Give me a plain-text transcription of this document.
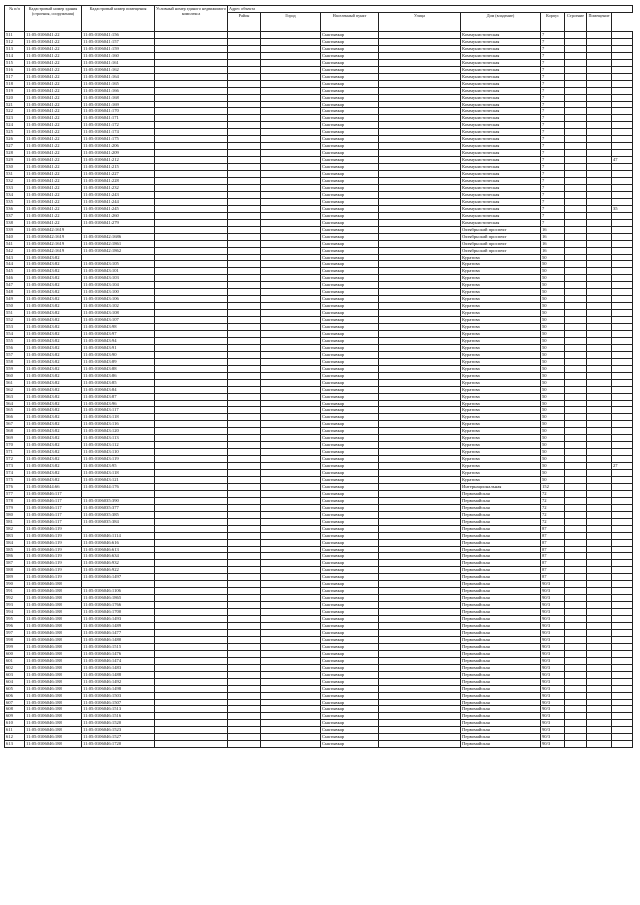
№ п/п	Кадастровый номер здания (строения, сооружения)	Кадастровый номер помещения	Условный номер единого недвижимого комплекса	Адрес объекта								
				Район	Город	Населенный пункт	Улица	Дом (владение)	Корпус	Строение	Помещение	
511	11:05:0106041:22	11:05:0106041:156				Сыктывкар		Коммунистическая	7			
512	11:05:0106041:22	11:05:0106041:157				Сыктывкар		Коммунистическая	7			
513	11:05:0106041:22	11:05:0106041:159				Сыктывкар		Коммунистическая	7			
514	11:05:0106041:22	11:05:0106041:160				Сыктывкар		Коммунистическая	7			
515	11:05:0106041:22	11:05:0106041:161				Сыктывкар		Коммунистическая	7			
516	11:05:0106041:22	11:05:0106041:162				Сыктывкар		Коммунистическая	7			
517	11:05:0106041:22	11:05:0106041:164				Сыктывкар		Коммунистическая	7			
518	11:05:0106041:22	11:05:0106041:165				Сыктывкар		Коммунистическая	7			
519	11:05:0106041:22	11:05:0106041:166				Сыктывкар		Коммунистическая	7			
520	11:05:0106041:22	11:05:0106041:168				Сыктывкар		Коммунистическая	7			
521	11:05:0106041:22	11:05:0106041:169				Сыктывкар		Коммунистическая	7			
522	11:05:0106041:22	11:05:0106041:170				Сыктывкар		Коммунистическая	7			
523	11:05:0106041:22	11:05:0106041:171				Сыктывкар		Коммунистическая	7			
524	11:05:0106041:22	11:05:0106041:172				Сыктывкар		Коммунистическая	7			
525	11:05:0106041:22	11:05:0106041:174				Сыктывкар		Коммунистическая	7			
526	11:05:0106041:22	11:05:0106041:175				Сыктывкар		Коммунистическая	7			
527	11:05:0106041:22	11:05:0106041:206				Сыктывкар		Коммунистическая	7			
528	11:05:0106041:22	11:05:0106041:209				Сыктывкар		Коммунистическая	7			
529	11:05:0106041:22	11:05:0106041:212				Сыктывкар		Коммунистическая	7			47
530	11:05:0106041:22	11:05:0106041:215				Сыктывкар		Коммунистическая	7			
531	11:05:0106041:22	11:05:0106041:227				Сыктывкар		Коммунистическая	7			
532	11:05:0106041:22	11:05:0106041:228				Сыктывкар		Коммунистическая	7			
533	11:05:0106041:22	11:05:0106041:232				Сыктывкар		Коммунистическая	7			
534	11:05:0106041:22	11:05:0106041:243				Сыктывкар		Коммунистическая	7			
535	11:05:0106041:22	11:05:0106041:244				Сыктывкар		Коммунистическая	7			
536	11:05:0106041:22	11:05:0106041:245				Сыктывкар		Коммунистическая	7			35
537	11:05:0106041:22	11:05:0106041:260				Сыктывкар		Коммунистическая	7			
538	11:05:0106041:22	11:05:0106041:279				Сыктывкар		Коммунистическая	7			
539	11:05:0106042:1619					Сыктывкар		Октябрьский проспект	16			
540	11:05:0106042:1619	11:05:0106042:1686				Сыктывкар		Октябрьский проспект	16			
541	11:05:0106042:1619	11:05:0106042:1861				Сыктывкар		Октябрьский проспект	16			
542	11:05:0106042:1619	11:05:0106042:1862				Сыктывкар		Октябрьский проспект	16			
543	11:05:0106043:82					Сыктывкар		Куратова	50			
544	11:05:0106043:82	11:05:0106043:105				Сыктывкар		Куратова	50			
545	11:05:0106043:82	11:05:0106043:101				Сыктывкар		Куратова	50			
546	11:05:0106043:82	11:05:0106043:103				Сыктывкар		Куратова	50			
547	11:05:0106043:82	11:05:0106043:104				Сыктывкар		Куратова	50			
548	11:05:0106043:82	11:05:0106043:100				Сыктывкар		Куратова	50			
549	11:05:0106043:82	11:05:0106043:106				Сыктывкар		Куратова	50			
550	11:05:0106043:82	11:05:0106043:102				Сыктывкар		Куратова	50			
551	11:05:0106043:82	11:05:0106043:108				Сыктывкар		Куратова	50			
552	11:05:0106043:82	11:05:0106043:107				Сыктывкар		Куратова	50			
553	11:05:0106043:82	11:05:0106043:98				Сыктывкар		Куратова	50			
554	11:05:0106043:82	11:05:0106043:97				Сыктывкар		Куратова	50			
555	11:05:0106043:82	11:05:0106043:94				Сыктывкар		Куратова	50			
556	11:05:0106043:82	11:05:0106043:91				Сыктывкар		Куратова	50			
557	11:05:0106043:82	11:05:0106043:90				Сыктывкар		Куратова	50			
558	11:05:0106043:82	11:05:0106043:89				Сыктывкар		Куратова	50			
559	11:05:0106043:82	11:05:0106043:88				Сыктывкар		Куратова	50			
560	11:05:0106043:82	11:05:0106043:86				Сыктывкар		Куратова	50			
561	11:05:0106043:82	11:05:0106043:85				Сыктывкар		Куратова	50			
562	11:05:0106043:82	11:05:0106043:84				Сыктывкар		Куратова	50			
563	11:05:0106043:82	11:05:0106043:87				Сыктывкар		Куратова	50			
564	11:05:0106043:82	11:05:0106043:96				Сыктывкар		Куратова	50			
565	11:05:0106043:82	11:05:0106043:117				Сыктывкар		Куратова	50			
566	11:05:0106043:82	11:05:0106043:118				Сыктывкар		Куратова	50			
567	11:05:0106043:82	11:05:0106043:116				Сыктывкар		Куратова	50			
568	11:05:0106043:82	11:05:0106043:120				Сыктывкар		Куратова	50			
569	11:05:0106043:82	11:05:0106043:113				Сыктывкар		Куратова	50			
570	11:05:0106043:82	11:05:0106043:112				Сыктывкар		Куратова	50			
571	11:05:0106043:82	11:05:0106043:110				Сыктывкар		Куратова	50			
572	11:05:0106043:82	11:05:0106043:119				Сыктывкар		Куратова	50			
573	11:05:0106043:82	11:05:0106043:95				Сыктывкар		Куратова	50			27
574	11:05:0106043:82	11:05:0106043:118				Сыктывкар		Куратова	50			
575	11:05:0106043:82	11:05:0106043:121				Сыктывкар		Куратова	50			
576	11:05:0106044:66	11:05:0106044:176				Сыктывкар		Интернациональная	152			
577	11:05:0106046:117					Сыктывкар		Первомайская	72			
578	11:05:0106046:117	11:05:0106035:390				Сыктывкар		Первомайская	72			
579	11:05:0106046:117	11:05:0106035:377				Сыктывкар		Первомайская	72			
580	11:05:0106046:117	11:05:0106035:385				Сыктывкар		Первомайская	72			
581	11:05:0106046:117	11:05:0106035:384				Сыктывкар		Первомайская	72			
582	11:05:0106046:119					Сыктывкар		Первомайская	87			
583	11:05:0106046:119	11:05:0106046:1114				Сыктывкар		Первомайская	87			
584	11:05:0106046:119	11:05:0106046:616				Сыктывкар		Первомайская	87			
585	11:05:0106046:119	11:05:0106046:613				Сыктывкар		Первомайская	87			
586	11:05:0106046:119	11:05:0106046:634				Сыктывкар		Первомайская	87			
587	11:05:0106046:119	11:05:0106046:932				Сыктывкар		Первомайская	87			
588	11:05:0106046:119	11:05:0106046:922				Сыктывкар		Первомайская	87			
589	11:05:0106046:119	11:05:0106046:1497				Сыктывкар		Первомайская	87			
590	11:05:0106046:188					Сыктывкар		Первомайская	90/3			
591	11:05:0106046:188	11:05:0106046:1106				Сыктывкар		Первомайская	90/3			
592	11:05:0106046:188	11:05:0106046:1865				Сыктывкар		Первомайская	90/3			
593	11:05:0106046:188	11:05:0106046:1766				Сыктывкар		Первомайская	90/3			
594	11:05:0106046:188	11:05:0106046:1700				Сыктывкар		Первомайская	90/3			
595	11:05:0106046:188	11:05:0106046:1493				Сыктывкар		Первомайская	90/3			
596	11:05:0106046:188	11:05:0106046:1489				Сыктывкар		Первомайская	90/3			
597	11:05:0106046:188	11:05:0106046:1477				Сыктывкар		Первомайская	90/3			
598	11:05:0106046:188	11:05:0106046:1480				Сыктывкар		Первомайская	90/3			
599	11:05:0106046:188	11:05:0106046:1515				Сыктывкар		Первомайская	90/3			
600	11:05:0106046:188	11:05:0106046:1476				Сыктывкар		Первомайская	90/3			
601	11:05:0106046:188	11:05:0106046:1474				Сыктывкар		Первомайская	90/3			
602	11:05:0106046:188	11:05:0106046:1483				Сыктывкар		Первомайская	90/3			
603	11:05:0106046:188	11:05:0106046:1488				Сыктывкар		Первомайская	90/3			
604	11:05:0106046:188	11:05:0106046:1492				Сыктывкар		Первомайская	90/3			
605	11:05:0106046:188	11:05:0106046:1498				Сыктывкар		Первомайская	90/3			
606	11:05:0106046:188	11:05:0106046:1503				Сыктывкар		Первомайская	90/3			
607	11:05:0106046:188	11:05:0106046:1507				Сыктывкар		Первомайская	90/3			
608	11:05:0106046:188	11:05:0106046:1513				Сыктывкар		Первомайская	90/3			
609	11:05:0106046:188	11:05:0106046:1516				Сыктывкар		Первомайская	90/3			
610	11:05:0106046:188	11:05:0106046:1520				Сыктывкар		Первомайская	90/3			
611	11:05:0106046:188	11:05:0106046:1523				Сыктывкар		Первомайская	90/3			
612	11:05:0106046:188	11:05:0106046:1527				Сыктывкар		Первомайская	90/3			
613	11:05:0106046:188	11:05:0106046:1720				Сыктывкар		Первомайская	90/3			
